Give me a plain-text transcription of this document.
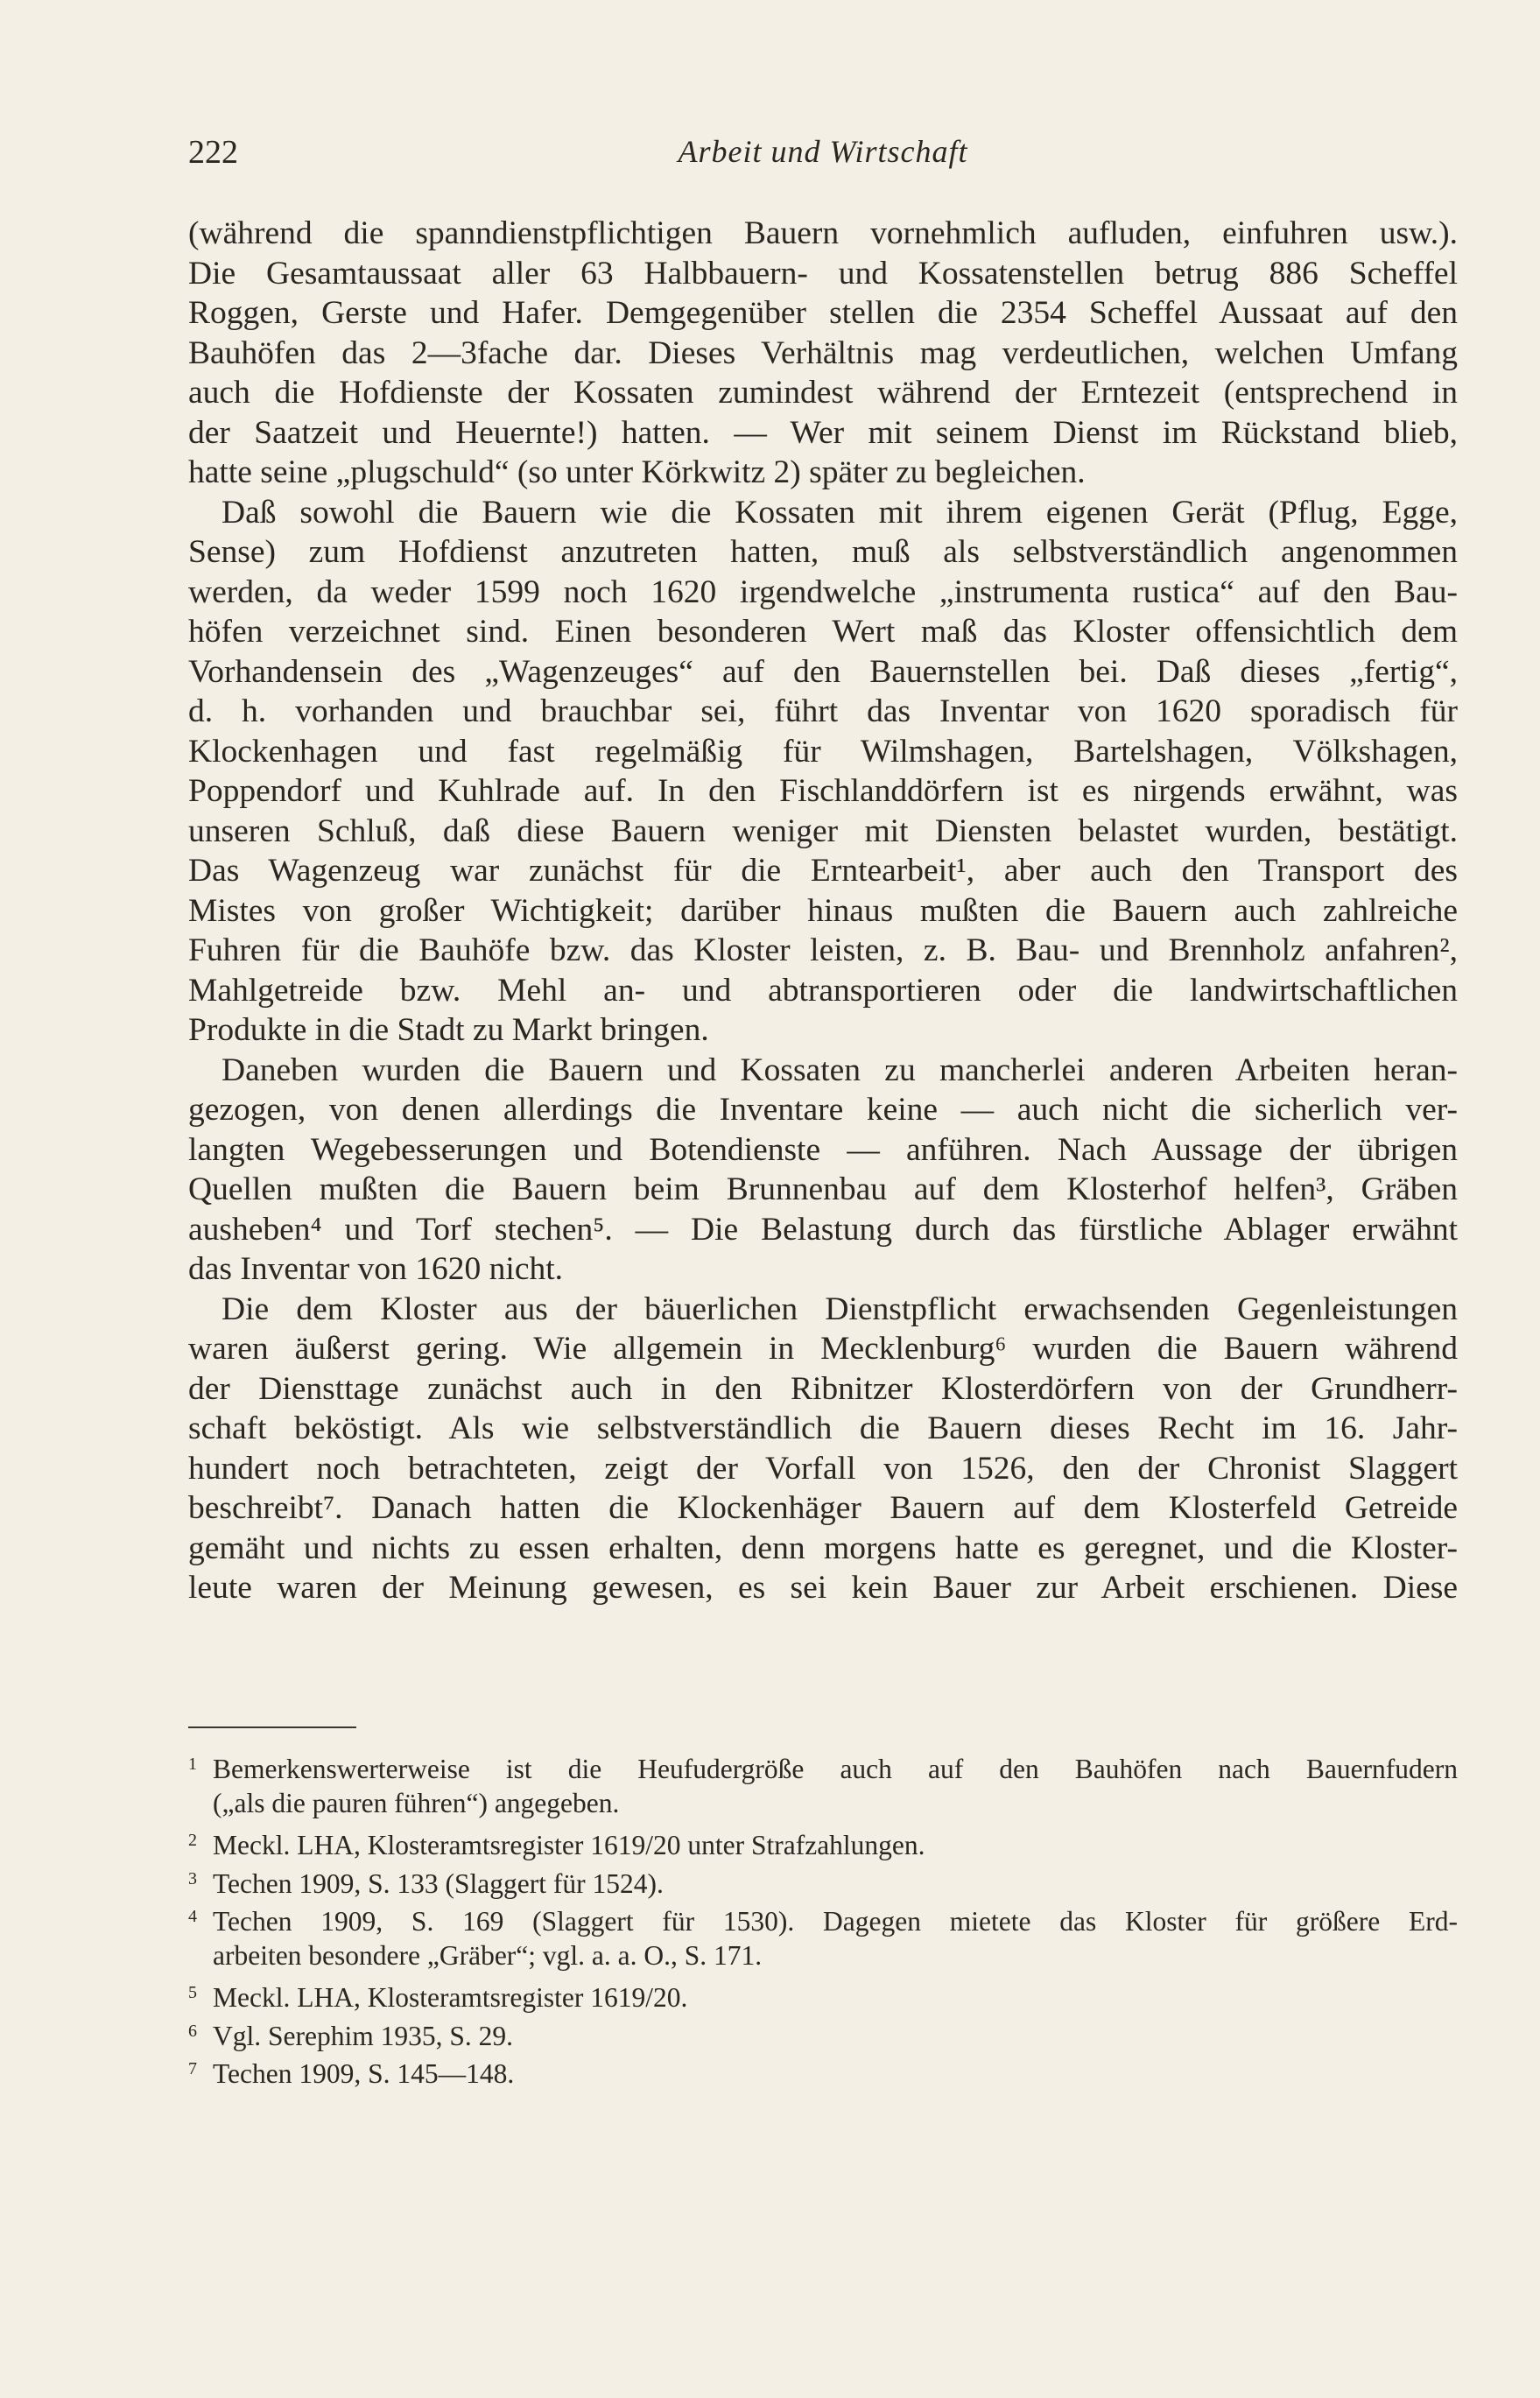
222	Arbeit und Wirtschaft
(während die spanndienstpflichtigen Bauern vornehmlich aufluden, einfuhren usw.).
Die Gesamtaussaat aller 63 Halbbauern- und Kossatenstellen betrug 886 Scheffel
Roggen, Gerste und Hafer. Demgegenüber stellen die 2354 Scheffel Aussaat auf den
Bauhöfen das 2—3fache dar. Dieses Verhältnis mag verdeutlichen, welchen Umfang
auch die Hofdienste der Kossaten zumindest während der Erntezeit (entsprechend in
der Saatzeit und Heuernte!) hatten. — Wer mit seinem Dienst im Rückstand blieb,
hatte seine „plugschuld“ (so unter Körkwitz 2) später zu begleichen.
Daß sowohl die Bauern wie die Kossaten mit ihrem eigenen Gerät (Pflug, Egge,
Sense) zum Hofdienst anzutreten hatten, muß als selbstverständlich angenommen
werden, da weder 1599 noch 1620 irgendwelche „instrumenta rustica“ auf den Bau-
höfen verzeichnet sind. Einen besonderen Wert maß das Kloster offensichtlich dem
Vorhandensein des „Wagenzeuges“ auf den Bauernstellen bei. Daß dieses „fertig“,
d. h. vorhanden und brauchbar sei, führt das Inventar von 1620 sporadisch für
Klockenhagen und fast regelmäßig für Wilmshagen, Bartelshagen, Völkshagen,
Poppendorf und Kuhlrade auf. In den Fischlanddörfern ist es nirgends erwähnt, was
unseren Schluß, daß diese Bauern weniger mit Diensten belastet wurden, bestätigt.
Das Wagenzeug war zunächst für die Erntearbeit¹, aber auch den Transport des
Mistes von großer Wichtigkeit; darüber hinaus mußten die Bauern auch zahlreiche
Fuhren für die Bauhöfe bzw. das Kloster leisten, z. B. Bau- und Brennholz anfahren²,
Mahlgetreide bzw. Mehl an- und abtransportieren oder die landwirtschaftlichen
Produkte in die Stadt zu Markt bringen.
Daneben wurden die Bauern und Kossaten zu mancherlei anderen Arbeiten heran-
gezogen, von denen allerdings die Inventare keine — auch nicht die sicherlich ver-
langten Wegebesserungen und Botendienste — anführen. Nach Aussage der übrigen
Quellen mußten die Bauern beim Brunnenbau auf dem Klosterhof helfen³, Gräben
ausheben⁴ und Torf stechen⁵. — Die Belastung durch das fürstliche Ablager erwähnt
das Inventar von 1620 nicht.
Die dem Kloster aus der bäuerlichen Dienstpflicht erwachsenden Gegenleistungen
waren äußerst gering. Wie allgemein in Mecklenburg⁶ wurden die Bauern während
der Diensttage zunächst auch in den Ribnitzer Klosterdörfern von der Grundherr-
schaft beköstigt. Als wie selbstverständlich die Bauern dieses Recht im 16. Jahr-
hundert noch betrachteten, zeigt der Vorfall von 1526, den der Chronist Slaggert
beschreibt⁷. Danach hatten die Klockenhäger Bauern auf dem Klosterfeld Getreide
gemäht und nichts zu essen erhalten, denn morgens hatte es geregnet, und die Kloster-
leute waren der Meinung gewesen, es sei kein Bauer zur Arbeit erschienen. Diese
1 Bemerkenswerterweise ist die Heufudergröße auch auf den Bauhöfen nach Bauernfudern
(„als die pauren führen“) angegeben.
2 Meckl. LHA, Klosteramtsregister 1619/20 unter Strafzahlungen.
3 Techen 1909, S. 133 (Slaggert für 1524).
4 Techen 1909, S. 169 (Slaggert für 1530). Dagegen mietete das Kloster für größere Erd-
arbeiten besondere „Gräber“; vgl. a. a. O., S. 171.
5 Meckl. LHA, Klosteramtsregister 1619/20.
6 Vgl. Serephim 1935, S. 29.
7 Techen 1909, S. 145—148.
